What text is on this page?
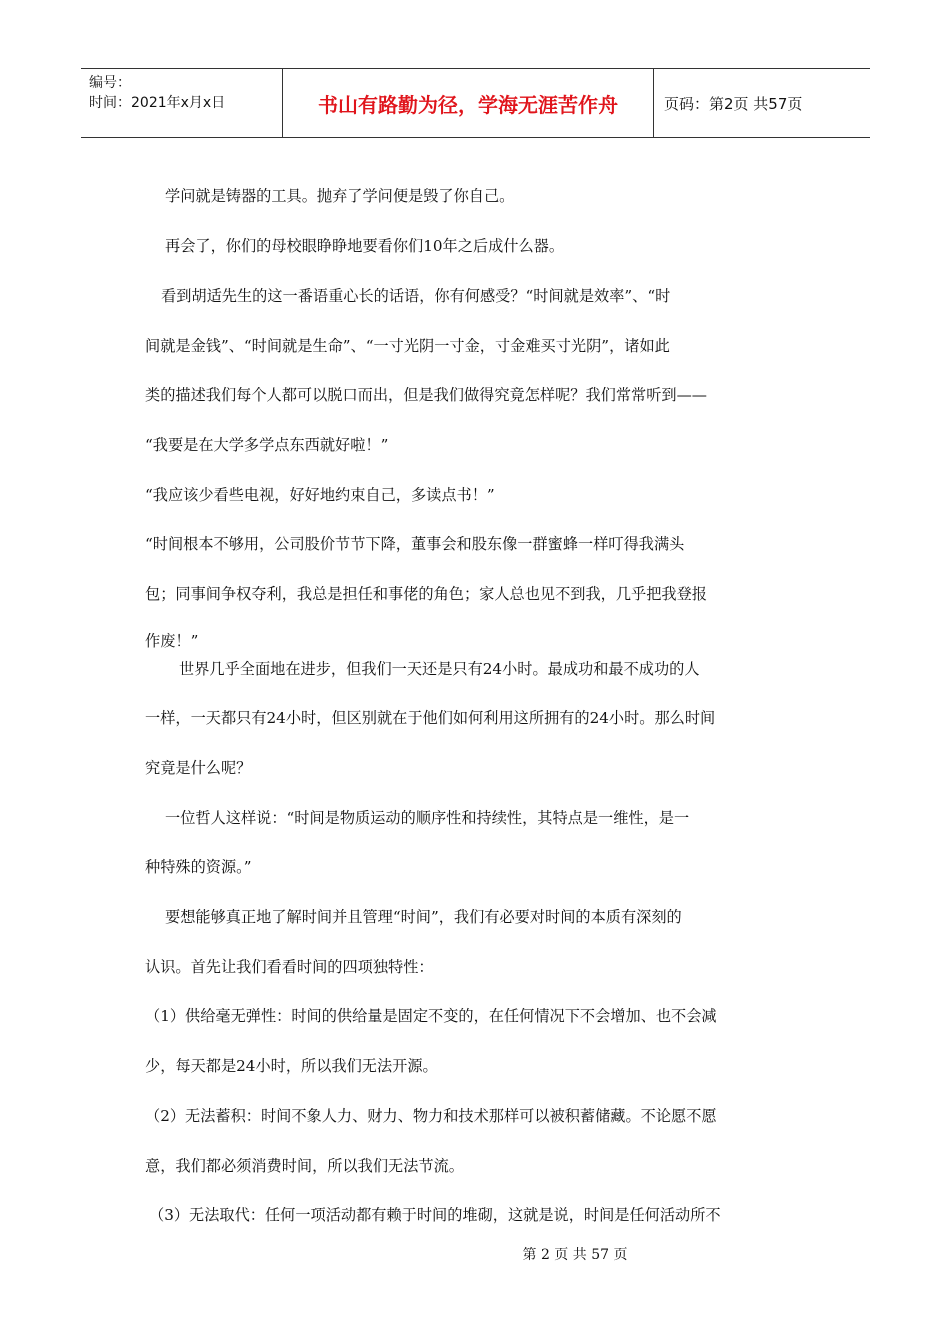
编号：
时间：2021年x月x日	书山有路勤为径，学海无涯苦作舟	页码：第2页 共57页
学问就是铸器的工具。抛弃了学问便是毁了你自己。
再会了，你们的母校眼睁睁地要看你们10年之后成什么器。
看到胡适先生的这一番语重心长的话语，你有何感受？“时间就是效率”、“时
间就是金钱”、“时间就是生命”、“一寸光阴一寸金，寸金难买寸光阴”，诸如此
类的描述我们每个人都可以脱口而出，但是我们做得究竟怎样呢？我们常常听到——
“我要是在大学多学点东西就好啦！”
“我应该少看些电视，好好地约束自己，多读点书！”
“时间根本不够用，公司股价节节下降，董事会和股东像一群蜜蜂一样叮得我满头
包；同事间争权夺利，我总是担任和事佬的角色；家人总也见不到我，几乎把我登报
作废！”
世界几乎全面地在进步，但我们一天还是只有24小时。最成功和最不成功的人
一样，一天都只有24小时，但区别就在于他们如何利用这所拥有的24小时。那么时间
究竟是什么呢？
一位哲人这样说：“时间是物质运动的顺序性和持续性，其特点是一维性，是一
种特殊的资源。”
要想能够真正地了解时间并且管理“时间”，我们有必要对时间的本质有深刻的
认识。首先让我们看看时间的四项独特性：
（1）供给毫无弹性：时间的供给量是固定不变的，在任何情况下不会增加、也不会减
少，每天都是24小时，所以我们无法开源。
（2）无法蓄积：时间不象人力、财力、物力和技术那样可以被积蓄储藏。不论愿不愿
意，我们都必须消费时间，所以我们无法节流。
（3）无法取代：任何一项活动都有赖于时间的堆砌，这就是说，时间是任何活动所不
第 2 页 共 57 页
